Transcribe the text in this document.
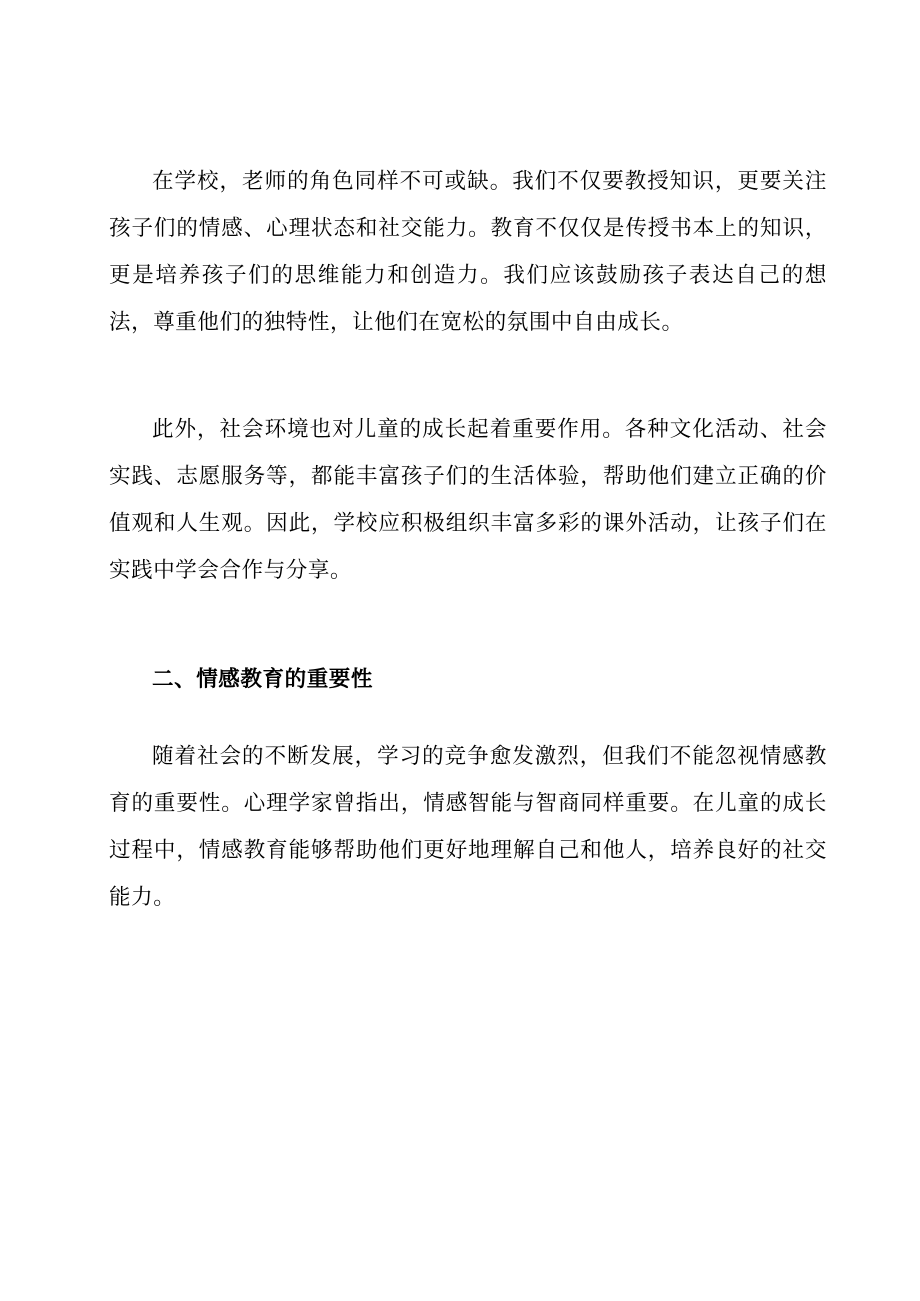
在学校，老师的角色同样不可或缺。我们不仅要教授知识，更要关注孩子们的情感、心理状态和社交能力。教育不仅仅是传授书本上的知识，更是培养孩子们的思维能力和创造力。我们应该鼓励孩子表达自己的想法，尊重他们的独特性，让他们在宽松的氛围中自由成长。

此外，社会环境也对儿童的成长起着重要作用。各种文化活动、社会实践、志愿服务等，都能丰富孩子们的生活体验，帮助他们建立正确的价值观和人生观。因此，学校应积极组织丰富多彩的课外活动，让孩子们在实践中学会合作与分享。

二、情感教育的重要性

随着社会的不断发展，学习的竞争愈发激烈，但我们不能忽视情感教育的重要性。心理学家曾指出，情感智能与智商同样重要。在儿童的成长过程中，情感教育能够帮助他们更好地理解自己和他人，培养良好的社交能力。
